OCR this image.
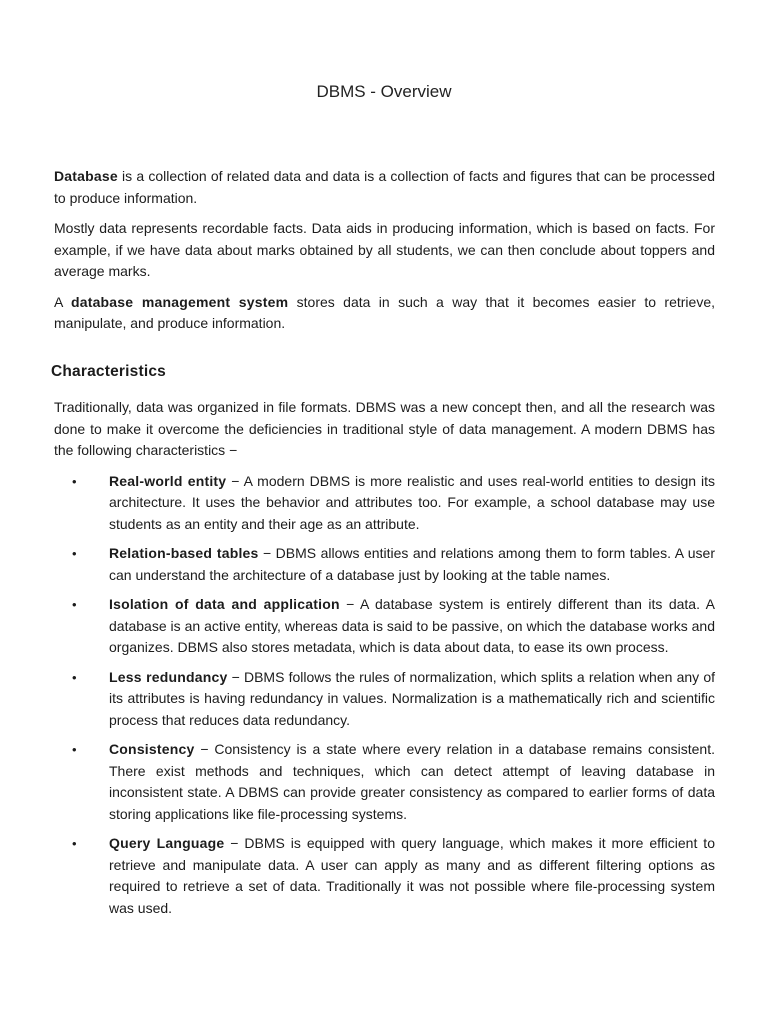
DBMS - Overview

Database is a collection of related data and data is a collection of facts and figures that can be processed to produce information.

Mostly data represents recordable facts. Data aids in producing information, which is based on facts. For example, if we have data about marks obtained by all students, we can then conclude about toppers and average marks.

A database management system stores data in such a way that it becomes easier to retrieve, manipulate, and produce information.

Characteristics

Traditionally, data was organized in file formats. DBMS was a new concept then, and all the research was done to make it overcome the deficiencies in traditional style of data management. A modern DBMS has the following characteristics −

• Real-world entity − A modern DBMS is more realistic and uses real-world entities to design its architecture. It uses the behavior and attributes too. For example, a school database may use students as an entity and their age as an attribute.
• Relation-based tables − DBMS allows entities and relations among them to form tables. A user can understand the architecture of a database just by looking at the table names.
• Isolation of data and application − A database system is entirely different than its data. A database is an active entity, whereas data is said to be passive, on which the database works and organizes. DBMS also stores metadata, which is data about data, to ease its own process.
• Less redundancy − DBMS follows the rules of normalization, which splits a relation when any of its attributes is having redundancy in values. Normalization is a mathematically rich and scientific process that reduces data redundancy.
• Consistency − Consistency is a state where every relation in a database remains consistent. There exist methods and techniques, which can detect attempt of leaving database in inconsistent state. A DBMS can provide greater consistency as compared to earlier forms of data storing applications like file-processing systems.
• Query Language − DBMS is equipped with query language, which makes it more efficient to retrieve and manipulate data. A user can apply as many and as different filtering options as required to retrieve a set of data. Traditionally it was not possible where file-processing system was used.
